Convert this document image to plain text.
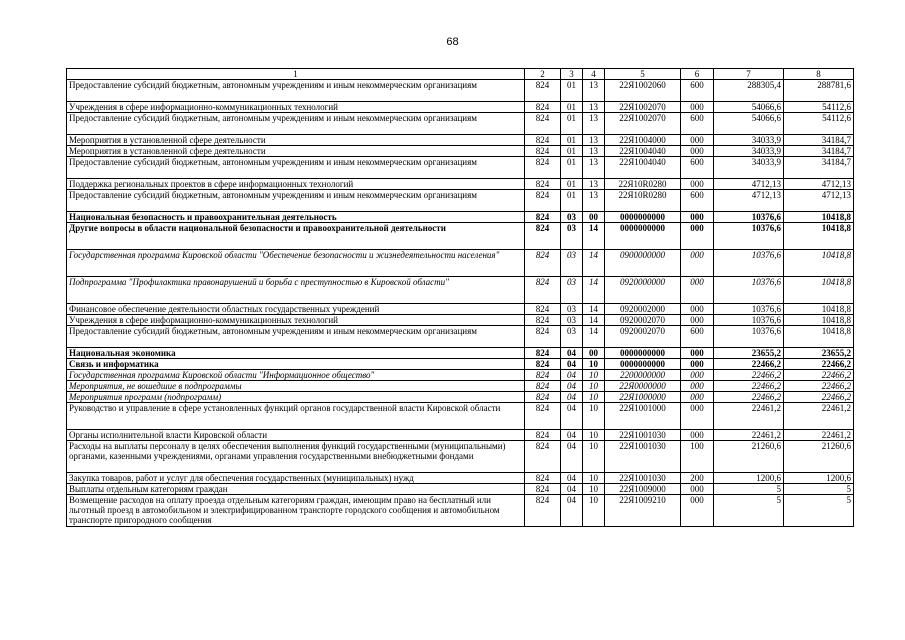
68
1	2	3	4	5	6	7	8
Предоставление субсидий бюджетным, автономным учреждениям и иным некоммерческим организациям	824	01	13	22Я1002060	600	288305,4	288781,6
Учреждения в сфере информационно-коммуникационных технологий	824	01	13	22Я1002070	000	54066,6	54112,6
Предоставление субсидий бюджетным, автономным учреждениям и иным некоммерческим организациям	824	01	13	22Я1002070	600	54066,6	54112,6
Мероприятия в установленной сфере деятельности	824	01	13	22Я1004000	000	34033,9	34184,7
Мероприятия в установленной сфере деятельности	824	01	13	22Я1004040	000	34033,9	34184,7
Предоставление субсидий бюджетным, автономным учреждениям и иным некоммерческим организациям	824	01	13	22Я1004040	600	34033,9	34184,7
Поддержка региональных проектов в сфере информационных технологий	824	01	13	22Я10R0280	000	4712,13	4712,13
Предоставление субсидий бюджетным, автономным учреждениям и иным некоммерческим организациям	824	01	13	22Я10R0280	600	4712,13	4712,13
Национальная безопасность и правоохранительная деятельность	824	03	00	0000000000	000	10376,6	10418,8
Другие вопросы в области национальной безопасности и правоохранительной деятельности	824	03	14	0000000000	000	10376,6	10418,8
Государственная программа Кировской области "Обеспечение безопасности и жизнедеятельности населения"	824	03	14	0900000000	000	10376,6	10418,8
Подпрограмма "Профилактика правонарушений и борьба с преступностью в Кировской области"	824	03	14	0920000000	000	10376,6	10418,8
Финансовое обеспечение деятельности областных государственных учреждений	824	03	14	0920002000	000	10376,6	10418,8
Учреждения в сфере информационно-коммуникационных технологий	824	03	14	0920002070	000	10376,6	10418,8
Предоставление субсидий бюджетным, автономным учреждениям и иным некоммерческим организациям	824	03	14	0920002070	600	10376,6	10418,8
Национальная экономика	824	04	00	0000000000	000	23655,2	23655,2
Связь и информатика	824	04	10	0000000000	000	22466,2	22466,2
Государственная программа Кировской области "Информационное общество"	824	04	10	2200000000	000	22466,2	22466,2
Мероприятия, не вошедшие в подпрограммы	824	04	10	22Я0000000	000	22466,2	22466,2
Мероприятия программ (подпрограмм)	824	04	10	22Я1000000	000	22466,2	22466,2
Руководство и управление в сфере установленных функций органов государственной власти Кировской области	824	04	10	22Я1001000	000	22461,2	22461,2
Органы исполнительной власти Кировской области	824	04	10	22Я1001030	000	22461,2	22461,2
Расходы на выплаты персоналу в целях обеспечения выполнения функций государственными (муниципальными) органами, казенными учреждениями, органами управления государственными внебюджетными фондами	824	04	10	22Я1001030	100	21260,6	21260,6
Закупка товаров, работ и услуг для обеспечения государственных (муниципальных) нужд	824	04	10	22Я1001030	200	1200,6	1200,6
Выплаты отдельным категориям граждан	824	04	10	22Я1009000	000	5	5
Возмещение расходов на оплату проезда отдельным категориям граждан, имеющим право на бесплатный или льготный проезд в автомобильном и электрифицированном транспорте городского сообщения и автомобильном транспорте пригородного сообщения	824	04	10	22Я1009210	000	5	5
